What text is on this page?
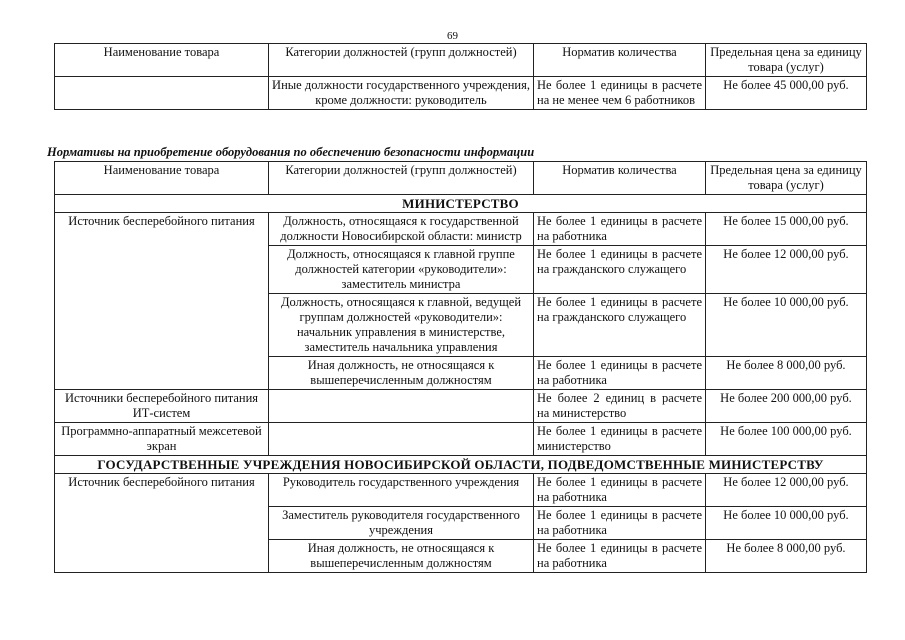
69
Наименование товара	Категории должностей (групп должностей)	Норматив количества	Предельная цена за единицу товара (услуг)
	Иные должности государственного учреждения, кроме должности: руководитель	Не более 1 единицы в расчете на не менее чем 6 работников	Не более 45 000,00 руб.
Нормативы на приобретение оборудования по обеспечению безопасности информации
Наименование товара	Категории должностей (групп должностей)	Норматив количества	Предельная цена за единицу товара (услуг)
МИНИСТЕРСТВО			
Источник бесперебойного питания	Должность, относящаяся к государственной должности Новосибирской области: министр	Не более 1 единицы в расчете на работника	Не более 15 000,00 руб.
	Должность, относящаяся к главной группе должностей категории «руководители»: заместитель министра	Не более 1 единицы в расчете на гражданского служащего	Не более 12 000,00 руб.
	Должность, относящаяся к главной, ведущей группам должностей «руководители»: начальник управления в министерстве, заместитель начальника управления	Не более 1 единицы в расчете на гражданского служащего	Не более 10 000,00 руб.
	Иная должность, не относящаяся к вышеперечисленным должностям	Не более 1 единицы в расчете на работника	Не более 8 000,00 руб.
Источники бесперебойного питания ИТ-систем		Не более 2 единиц в расчете на министерство	Не более 200 000,00 руб.
Программно-аппаратный межсетевой экран		Не более 1 единицы в расчете министерство	Не более 100 000,00 руб.
ГОСУДАРСТВЕННЫЕ УЧРЕЖДЕНИЯ НОВОСИБИРСКОЙ ОБЛАСТИ, ПОДВЕДОМСТВЕННЫЕ МИНИСТЕРСТВУ			
Источник бесперебойного питания	Руководитель государственного учреждения	Не более 1 единицы в расчете на работника	Не более 12 000,00 руб.
	Заместитель руководителя государственного учреждения	Не более 1 единицы в расчете на работника	Не более 10 000,00 руб.
	Иная должность, не относящаяся к вышеперечисленным должностям	Не более 1 единицы в расчете на работника	Не более 8 000,00 руб.
